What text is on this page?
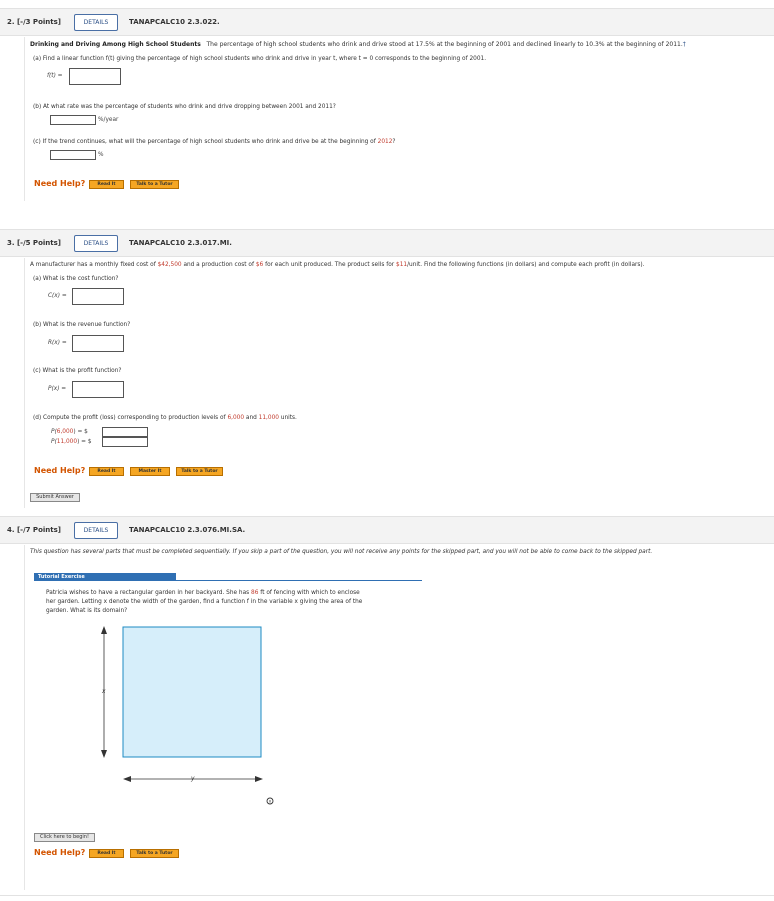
2. [-/3 Points]	DETAILS	TANAPCALC10 2.3.022.
Drinking and Driving Among High School Students The percentage of high school students who drink and drive stood at 17.5% at the beginning of 2001 and declined linearly to 10.3% at the beginning of 2011.†
(a) Find a linear function f(t) giving the percentage of high school students who drink and drive in year t, where t = 0 corresponds to the beginning of 2001.
f(t) =
(b) At what rate was the percentage of students who drink and drive dropping between 2001 and 2011?
%/year
(c) If the trend continues, what will the percentage of high school students who drink and drive be at the beginning of 2012?
%
Need Help?	Read It	Talk to a Tutor
3. [-/5 Points]	DETAILS	TANAPCALC10 2.3.017.MI.
A manufacturer has a monthly fixed cost of $42,500 and a production cost of $6 for each unit produced. The product sells for $11/unit. Find the following functions (in dollars) and compute each profit (in dollars).
(a) What is the cost function?
C(x) =
(b) What is the revenue function?
R(x) =
(c) What is the profit function?
P(x) =
(d) Compute the profit (loss) corresponding to production levels of 6,000 and 11,000 units.
P(6,000) = $
P(11,000) = $
Need Help?	Read It	Master It	Talk to a Tutor
Submit Answer
4. [-/7 Points]	DETAILS	TANAPCALC10 2.3.076.MI.SA.
This question has several parts that must be completed sequentially. If you skip a part of the question, you will not receive any points for the skipped part, and you will not be able to come back to the skipped part.
Tutorial Exercise
Patricia wishes to have a rectangular garden in her backyard. She has 86 ft of fencing with which to enclose
her garden. Letting x denote the width of the garden, find a function f in the variable x giving the area of the
garden. What is its domain?
x
y
Click here to begin!
Need Help?	Read It	Talk to a Tutor
